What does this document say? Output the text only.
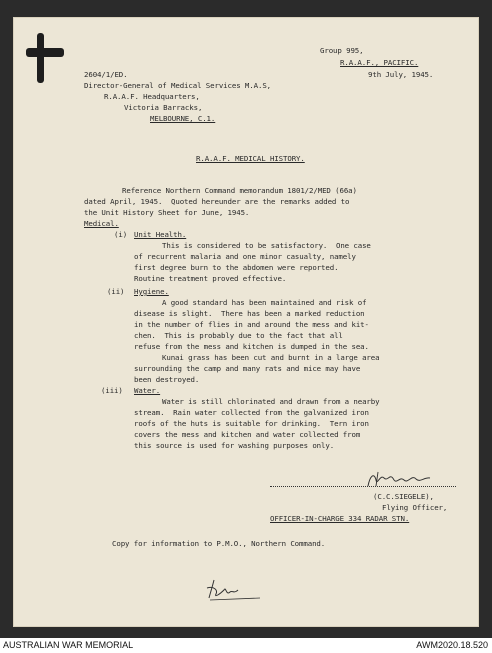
Group 995,
R.A.A.F., PACIFIC.
9th July, 1945.
2604/1/ED.
Director-General of Medical Services M.A.S,
R.A.A.F. Headquarters,
Victoria Barracks,
MELBOURNE, C.1.
R.A.A.F. MEDICAL HISTORY.
Reference Northern Command memorandum 1801/2/MED (66a)
dated April, 1945.  Quoted hereunder are the remarks added to
the Unit History Sheet for June, 1945.
Medical.
(i) Unit Health.
This is considered to be satisfactory.  One case
of recurrent malaria and one minor casualty, namely
first degree burn to the abdomen were reported.
Routine treatment proved effective.
(ii) Hygiene.
A good standard has been maintained and risk of
disease is slight.  There has been a marked reduction
in the number of flies in and around the mess and kit-
chen.  This is probably due to the fact that all
refuse from the mess and kitchen is dumped in the sea.
Kunai grass has been cut and burnt in a large area
surrounding the camp and many rats and mice may have
been destroyed.
(iii) Water.
Water is still chlorinated and drawn from a nearby
stream.  Rain water collected from the galvanized iron
roofs of the huts is suitable for drinking.  Tern iron
covers the mess and kitchen and water collected from
this source is used for washing purposes only.
(C.C.SIEGELE),
Flying Officer,
OFFICER-IN-CHARGE 334 RADAR STN.
Copy for information to P.M.O., Northern Command.
AUSTRALIAN WAR MEMORIAL	AWM2020.18.520
